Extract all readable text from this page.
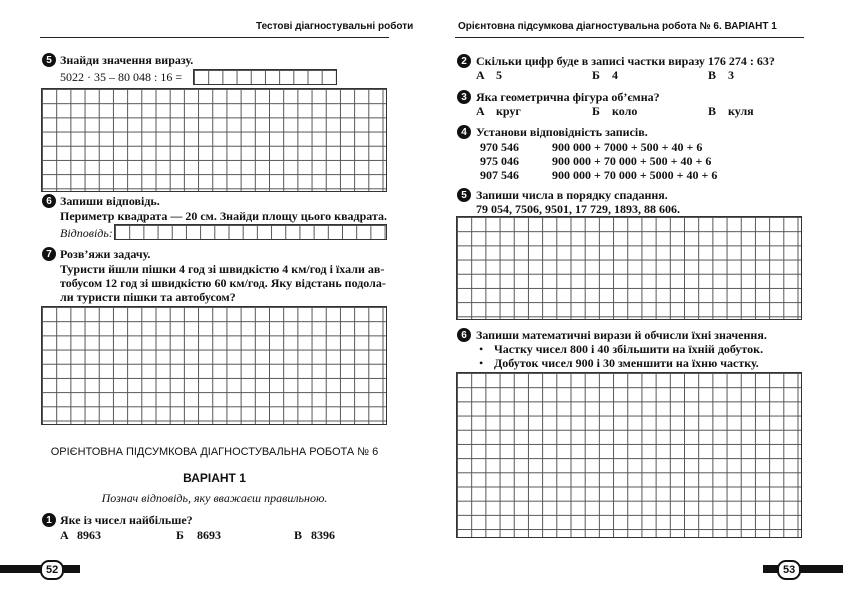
Тестові діагностувальні роботи
5 Знайди значення виразу.
5022 · 35 – 80 048 : 16 =
6 Запиши відповідь.
Периметр квадрата — 20 см. Знайди площу цього квадрата.
Відповідь:
7 Розв’яжи задачу.
Туристи йшли пішки 4 год зі швидкістю 4 км/год і їхали ав-
тобусом 12 год зі швидкістю 60 км/год. Яку відстань подола-
ли туристи пішки та автобусом?
ОРІЄНТОВНА ПІДСУМКОВА ДІАГНОСТУВАЛЬНА РОБОТА № 6
ВАРІАНТ 1
Познач відповідь, яку вважаєш правильною.
1 Яке із чисел найбільше?
А 8963	Б 8693	В 8396
52
Орієнтовна підсумкова діагностувальна робота № 6. ВАРІАНТ 1
2 Скільки цифр буде в записі частки виразу 176 274 : 63?
А 5	Б 4	В 3
3 Яка геометрична фігура об’ємна?
А круг	Б коло	В куля
4 Установи відповідність записів.
970 546	900 000 + 7000 + 500 + 40 + 6
975 046	900 000 + 70 000 + 500 + 40 + 6
907 546	900 000 + 70 000 + 5000 + 40 + 6
5 Запиши числа в порядку спадання.
79 054, 7506, 9501, 17 729, 1893, 88 606.
6 Запиши математичні вирази й обчисли їхні значення.
• Частку чисел 800 і 40 збільшити на їхній добуток.
• Добуток чисел 900 і 30 зменшити на їхню частку.
53
